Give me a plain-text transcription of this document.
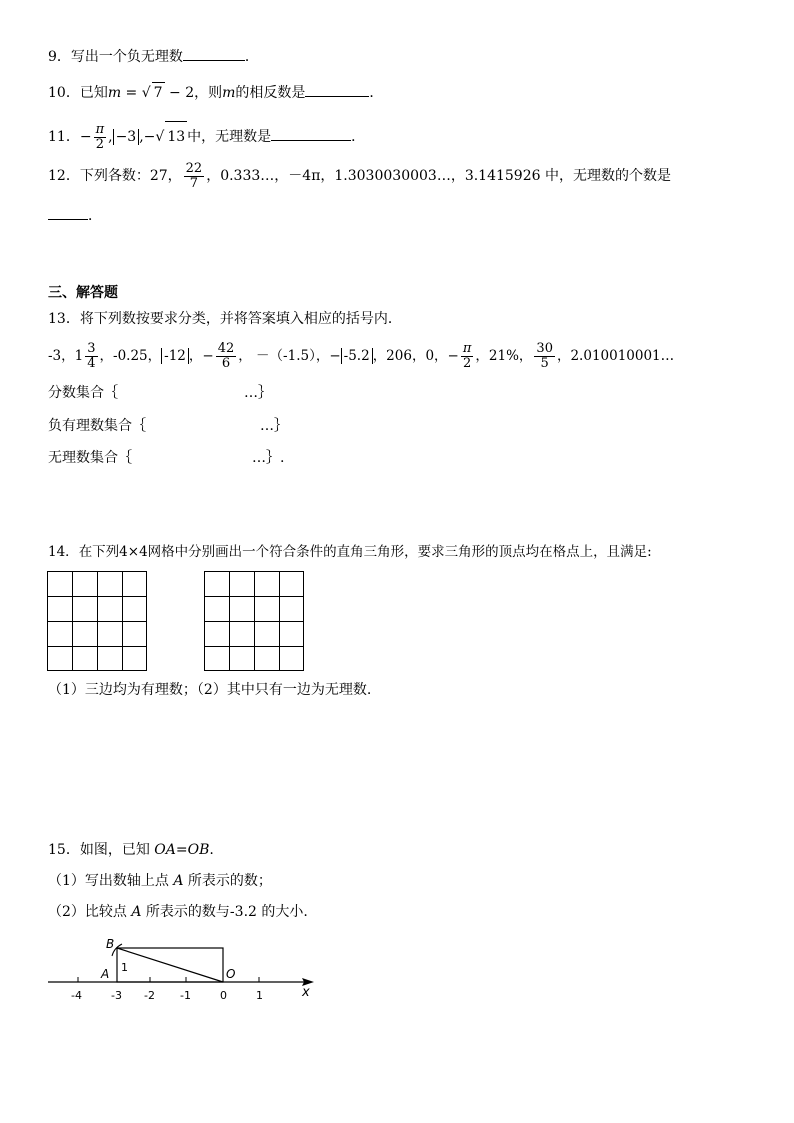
9．写出一个负无理数	．
10．已知m = √ 7 − 2，则m的相反数是	．
11．− $\frac{\pi}{2}$ , −3 ,−√ 13 中，无理数是	．
12．下列各数：27， $\frac{22}{7}$ ，0.333…，－4π，1.3030030003…，3.1415926 中，无理数的个数是
．
三、解答题
13．将下列数按要求分类，并将答案填入相应的括号内．
-3，$1 \frac{3}{4}$ ，-0.25， -12 ，− $\frac{42}{6}$ ， －（-1.5），− -5.2 ，206，0，− $\frac{\pi}{2}$ ，21%， $\frac{30}{5}$ ，2.010010001…
分数集合｛	…｝
负有理数集合｛	…｝
无理数集合｛	…｝.
14．在下列4×4网格中分别画出一个符合条件的直角三角形，要求三角形的顶点均在格点上，且满足:
（1）三边均为有理数；（2）其中只有一边为无理数.
15．如图，已知 OA=OB.
（1）写出数轴上点 A 所表示的数；
（2）比较点 A 所表示的数与-3.2 的大小.
B
A	O
1
x
-4	-3 -2 -1	0	1
